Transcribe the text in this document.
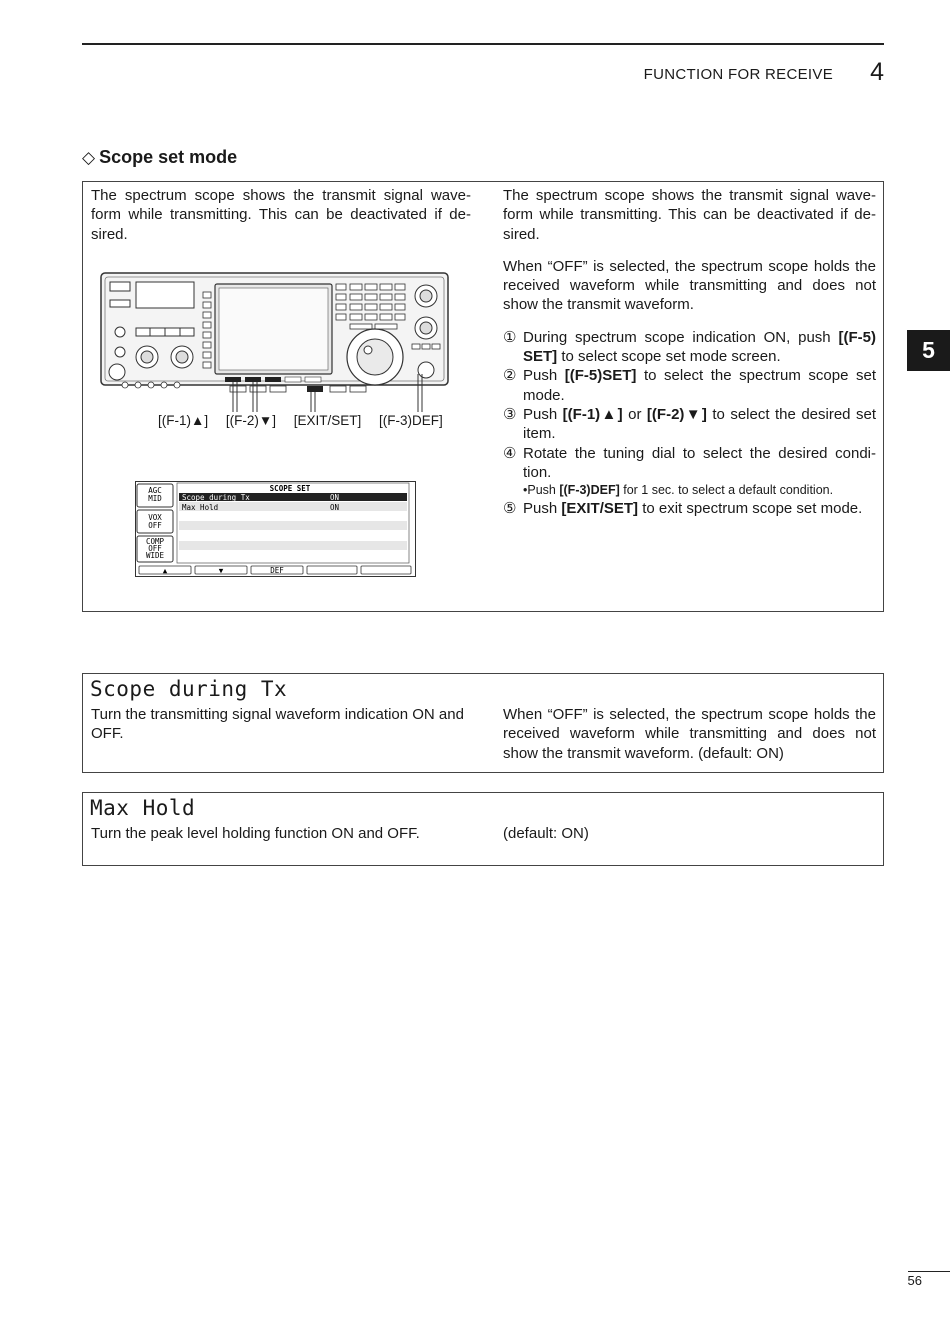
FUNCTION FOR RECEIVE 4
◇ Scope set mode

The spectrum scope shows the transmit signal wave-form while transmitting. This can be deactivated if de-sired.

The spectrum scope shows the transmit signal wave-form while transmitting. This can be deactivated if de-sired.

When “OFF” is selected, the spectrum scope holds the received waveform while transmitting and does not show the transmit waveform.

① During spectrum scope indication ON, push [(F-5) SET] to select scope set mode screen.
② Push [(F-5)SET] to select the spectrum scope set mode.
③ Push [(F-1)▲] or [(F-2)▼] to select the desired set item.
④ Rotate the tuning dial to select the desired condi-tion.
•Push [(F-3)DEF] for 1 sec. to select a default condition.
⑤ Push [EXIT/SET] to exit spectrum scope set mode.
[(F-1)▲] [(F-2)▼] [EXIT/SET] [(F-3)DEF]
AGC
MID
VOX
OFF
COMP
OFF
WIDE
SCOPE SET
Scope during Tx	ON
Max Hold	ON
▲	▼	DEF
Scope during Tx
Turn the transmitting signal waveform indication ON and OFF.
When “OFF” is selected, the spectrum scope holds the received waveform while transmitting and does not show the transmit waveform. (default: ON)
Max Hold
Turn the peak level holding function ON and OFF.	(default: ON)
5
56
